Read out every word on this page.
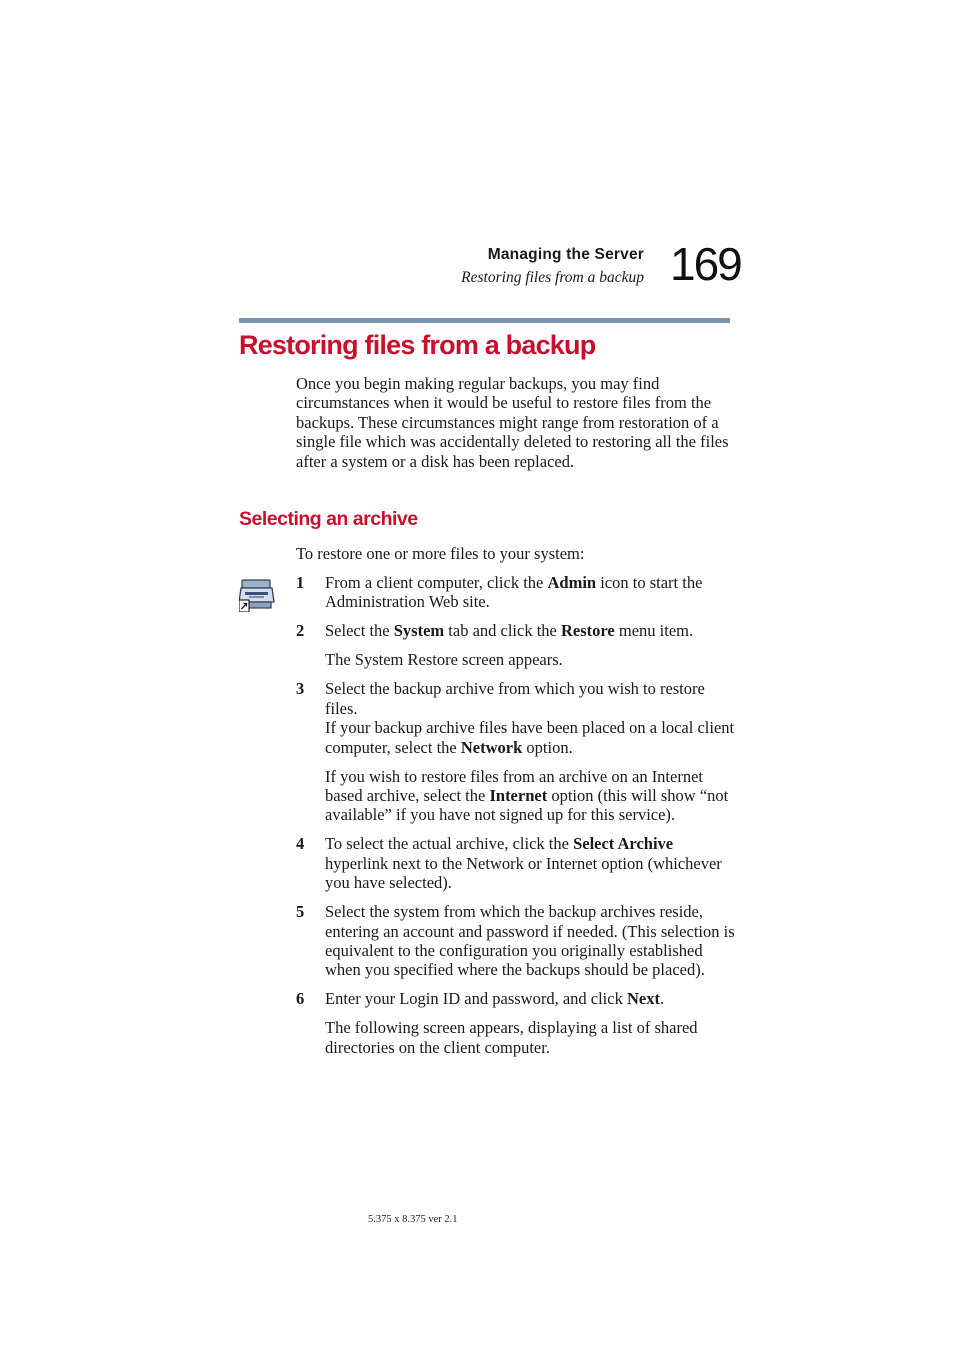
Managing the Server
Restoring files from a backup 169
Restoring files from a backup

Once you begin making regular backups, you may find circumstances when it would be useful to restore files from the backups. These circumstances might range from restoration of a single file which was accidentally deleted to restoring all the files after a system or a disk has been replaced.

Selecting an archive

To restore one or more files to your system:

1 From a client computer, click the Admin icon to start the Administration Web site.

2 Select the System tab and click the Restore menu item.

The System Restore screen appears.

3 Select the backup archive from which you wish to restore files.
If your backup archive files have been placed on a local client computer, select the Network option.

If you wish to restore files from an archive on an Internet based archive, select the Internet option (this will show “not available” if you have not signed up for this service).

4 To select the actual archive, click the Select Archive hyperlink next to the Network or Internet option (whichever you have selected).

5 Select the system from which the backup archives reside, entering an account and password if needed. (This selection is equivalent to the configuration you originally established when you specified where the backups should be placed).

6 Enter your Login ID and password, and click Next.

The following screen appears, displaying a list of shared directories on the client computer.

5.375 x 8.375 ver 2.1
